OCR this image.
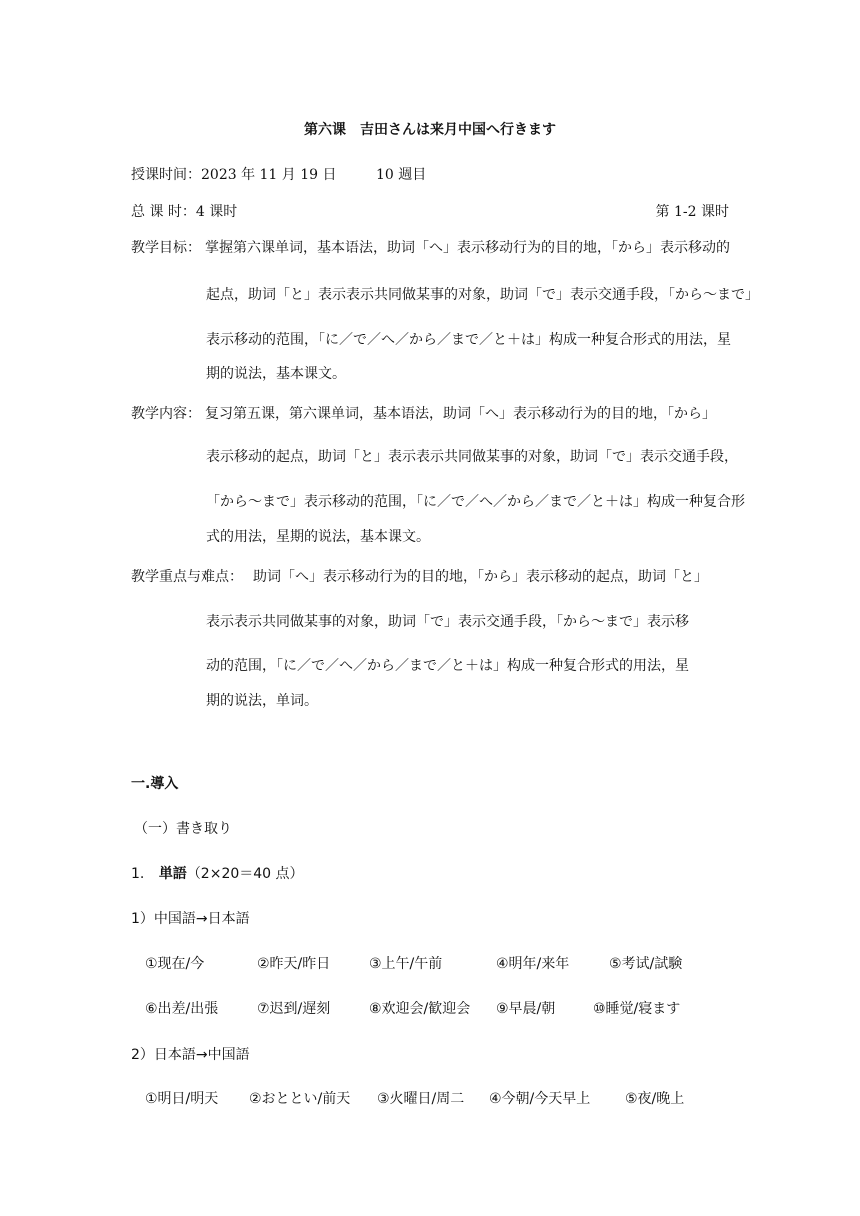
第六课　吉田さんは来月中国へ行きます
授课时间：2023 年 11 月 19 日	10 週目
总 课 时：4 课时	第 1-2 课时
教学目标： 掌握第六课单词，基本语法，助词「へ」表示移动行为的目的地，「から」表示移动的
起点，助词「と」表示表示共同做某事的对象，助词「で」表示交通手段，「から～まで」
表示移动的范围，「に／で／へ／から／まで／と＋は」构成一种复合形式的用法，星
期的说法，基本课文。
教学内容： 复习第五课，第六课单词，基本语法，助词「へ」表示移动行为的目的地，「から」
表示移动的起点，助词「と」表示表示共同做某事的对象，助词「で」表示交通手段，
「から～まで」表示移动的范围，「に／で／へ／から／まで／と＋は」构成一种复合形
式的用法，星期的说法，基本课文。
教学重点与难点： 助词「へ」表示移动行为的目的地，「から」表示移动的起点，助词「と」
表示表示共同做某事的对象，助词「で」表示交通手段，「から～まで」表示移
动的范围，「に／で／へ／から／まで／と＋は」构成一种复合形式的用法，星
期的说法，单词。
一.導入
（一）書き取り
1. 単語（2×20＝40 点）
1）中国語→日本語
①现在/今	②昨天/昨日	③上午/午前	④明年/来年	⑤考试/試験
⑥出差/出張	⑦迟到/遅刻	⑧欢迎会/歓迎会 ⑨早晨/朝	⑩睡觉/寝ます
2）日本語→中国語
①明日/明天 ②おととい/前天 ③火曜日/周二 ④今朝/今天早上 ⑤夜/晚上
